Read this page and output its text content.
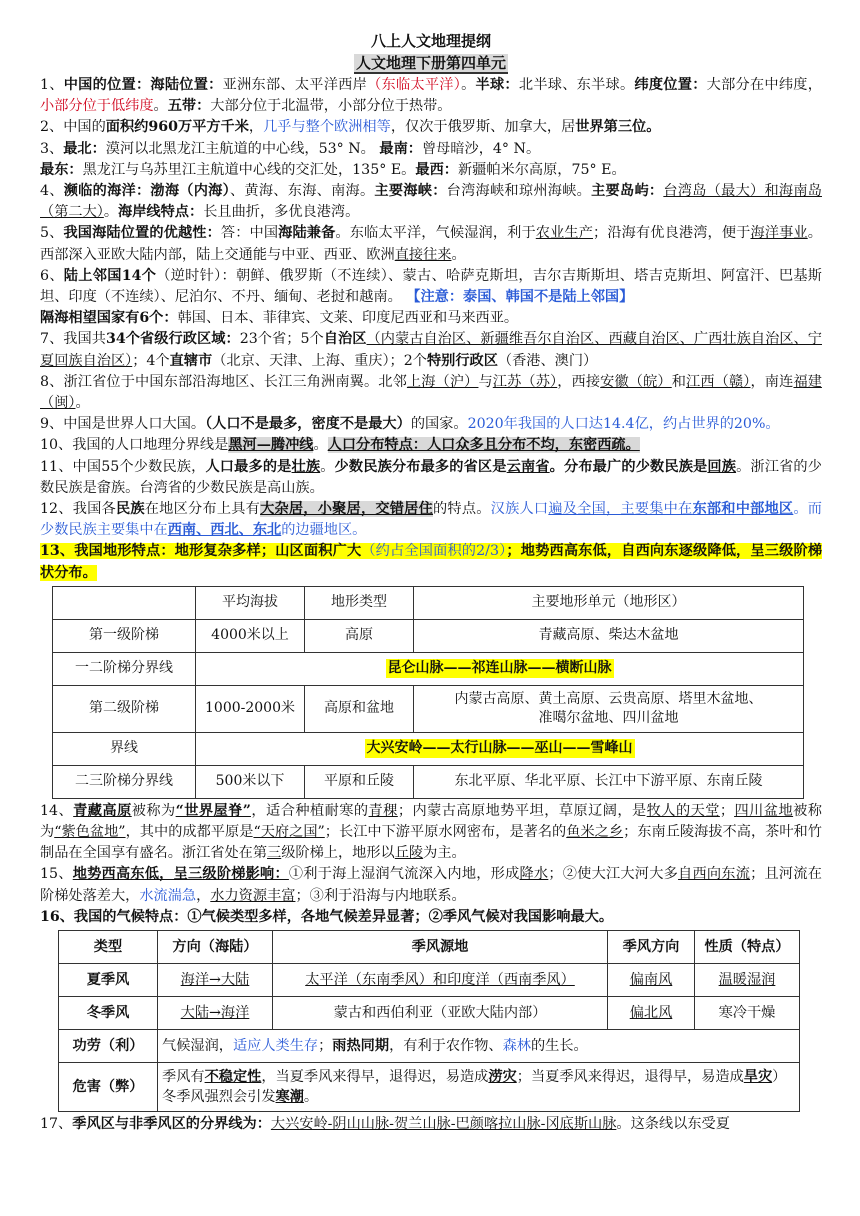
八上人文地理提纲
人文地理下册第四单元

1、中国的位置：海陆位置：亚洲东部、太平洋西岸（东临太平洋）。半球：北半球、东半球。纬度位置：大部分在中纬度，小部分位于低纬度。五带：大部分位于北温带，小部分位于热带。

2、中国的面积约960万平方千米，几乎与整个欧洲相等，仅次于俄罗斯、加拿大，居世界第三位。

3、最北：漠河以北黑龙江主航道的中心线，53° N。 最南：曾母暗沙，4° N。

最东：黑龙江与乌苏里江主航道中心线的交汇处，135° E。最西：新疆帕米尔高原，75° E。

4、濒临的海洋：渤海（内海）、黄海、东海、南海。主要海峡：台湾海峡和琼州海峡。主要岛屿：台湾岛（最大）和海南岛（第二大）。海岸线特点：长且曲折，多优良港湾。

5、我国海陆位置的优越性：答：中国海陆兼备。东临太平洋，气候湿润，利于农业生产；沿海有优良港湾，便于海洋事业。西部深入亚欧大陆内部，陆上交通能与中亚、西亚、欧洲直接往来。

6、陆上邻国14个（逆时针）：朝鲜、俄罗斯（不连续）、蒙古、哈萨克斯坦，吉尔吉斯斯坦、塔吉克斯坦、阿富汗、巴基斯坦、印度（不连续）、尼泊尔、不丹、缅甸、老挝和越南。 【注意：泰国、韩国不是陆上邻国】

隔海相望国家有6个：韩国、日本、菲律宾、文莱、印度尼西亚和马来西亚。

7、我国共34个省级行政区域：23个省；5个自治区（内蒙古自治区、新疆维吾尔自治区、西藏自治区、广西壮族自治区、宁夏回族自治区）；4个直辖市（北京、天津、上海、重庆）；2个特别行政区（香港、澳门）

8、浙江省位于中国东部沿海地区、长江三角洲南翼。北邻上海（沪）与江苏（苏），西接安徽（皖）和江西（赣），南连福建（闽）。

9、中国是世界人口大国。（人口不是最多，密度不是最大）的国家。2020年我国的人口达14.4亿，约占世界的20%。

10、我国的人口地理分界线是黑河—腾冲线。人口分布特点：人口众多且分布不均，东密西疏。

11、中国55个少数民族，人口最多的是壮族。少数民族分布最多的省区是云南省。分布最广的少数民族是回族。浙江省的少数民族是畲族。台湾省的少数民族是高山族。

12、我国各民族在地区分布上具有大杂居，小聚居，交错居住的特点。汉族人口遍及全国，主要集中在东部和中部地区。而少数民族主要集中在西南、西北、东北的边疆地区。

13、我国地形特点：地形复杂多样；山区面积广大（约占全国面积的2/3）；地势西高东低，自西向东逐级降低，呈三级阶梯状分布。

	平均海拔	地形类型	主要地形单元（地形区）
第一级阶梯	4000米以上	高原	青藏高原、柴达木盆地
一二阶梯分界线	昆仑山脉——祁连山脉——横断山脉		
第二级阶梯	1000-2000米	高原和盆地	内蒙古高原、黄土高原、云贵高原、塔里木盆地、准噶尔盆地、四川盆地
界线	大兴安岭——太行山脉——巫山——雪峰山		
二三阶梯分界线	500米以下	平原和丘陵	东北平原、华北平原、长江中下游平原、东南丘陵

14、青藏高原被称为“世界屋脊”，适合种植耐寒的青稞；内蒙古高原地势平坦，草原辽阔，是牧人的天堂；四川盆地被称为“紫色盆地”，其中的成都平原是“天府之国”；长江中下游平原水网密布，是著名的鱼米之乡；东南丘陵海拔不高，茶叶和竹制品在全国享有盛名。浙江省处在第三级阶梯上，地形以丘陵为主。

15、地势西高东低，呈三级阶梯影响：①利于海上湿润气流深入内地，形成降水；②使大江大河大多自西向东流；且河流在阶梯处落差大，水流湍急，水力资源丰富；③利于沿海与内地联系。

16、我国的气候特点：①气候类型多样，各地气候差异显著；②季风气候对我国影响最大。

类型	方向（海陆）	季风源地	季风方向	性质（特点）
夏季风	海洋→大陆	太平洋（东南季风）和印度洋（西南季风）	偏南风	温暖湿润
冬季风	大陆→海洋	蒙古和西伯利亚（亚欧大陆内部）	偏北风	寒冷干燥
功劳（利）	气候湿润，适应人类生存；雨热同期，有利于农作物、森林的生长。			
危害（弊）	季风有不稳定性，当夏季风来得早，退得迟，易造成涝灾；当夏季风来得迟，退得早，易造成旱灾）冬季风强烈会引发寒潮。			

17、季风区与非季风区的分界线为：大兴安岭-阴山山脉-贺兰山脉-巴颜喀拉山脉-冈底斯山脉。这条线以东受夏
